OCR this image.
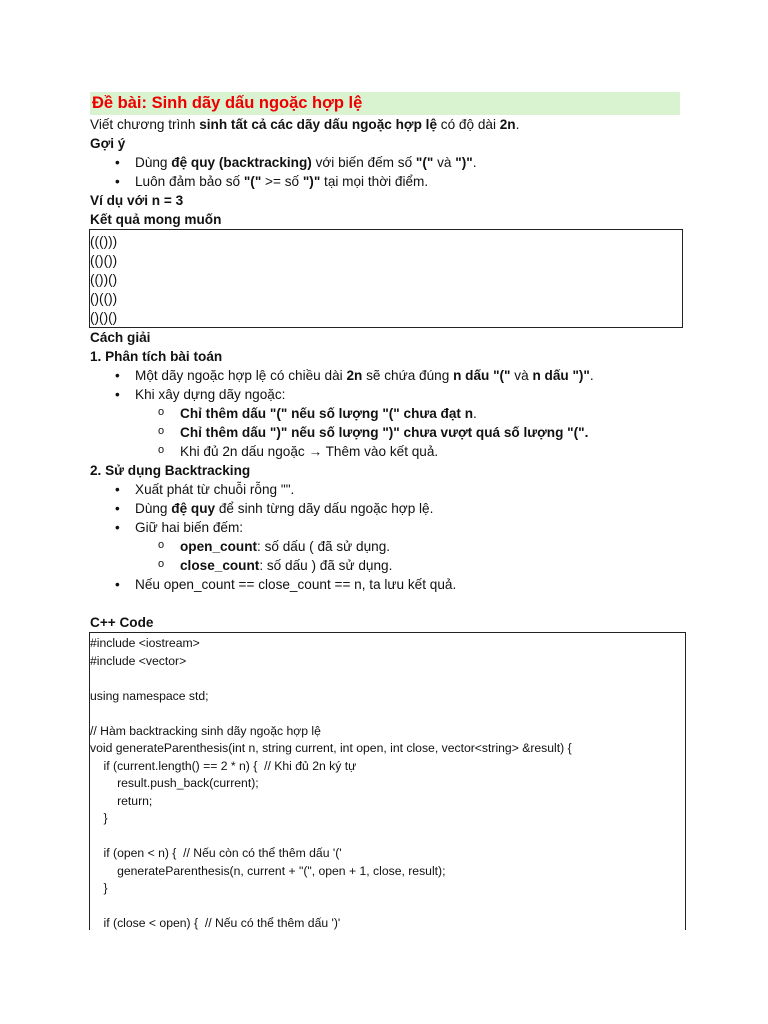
Đề bài: Sinh dãy dấu ngoặc hợp lệ

Viết chương trình sinh tất cả các dãy dấu ngoặc hợp lệ có độ dài 2n.

Gợi ý

• Dùng đệ quy (backtracking) với biến đếm số "(" và ")".
• Luôn đảm bảo số "(" >= số ")" tại mọi thời điểm.

Ví dụ với n = 3

Kết quả mong muốn

((()))
(()())
(())()
()(())
()()()

Cách giải

1. Phân tích bài toán

• Một dãy ngoặc hợp lệ có chiều dài 2n sẽ chứa đúng n dấu "(" và n dấu ")".
• Khi xây dựng dãy ngoặc:
o Chỉ thêm dấu "(" nếu số lượng "(" chưa đạt n.
o Chỉ thêm dấu ")" nếu số lượng ")" chưa vượt quá số lượng "(".
o Khi đủ 2n dấu ngoặc → Thêm vào kết quả.

2. Sử dụng Backtracking

• Xuất phát từ chuỗi rỗng "".
• Dùng đệ quy để sinh từng dãy dấu ngoặc hợp lệ.
• Giữ hai biến đếm:
o open_count: số dấu ( đã sử dụng.
o close_count: số dấu ) đã sử dụng.
• Nếu open_count == close_count == n, ta lưu kết quả.

C++ Code

#include <iostream>
#include <vector>
using namespace std;
// Hàm backtracking sinh dãy ngoặc hợp lệ
void generateParenthesis(int n, string current, int open, int close, vector<string> &result) {
if (current.length() == 2 * n) {  // Khi đủ 2n ký tự
result.push_back(current);
return;
}
if (open < n) {  // Nếu còn có thể thêm dấu '('
generateParenthesis(n, current + "(", open + 1, close, result);
}
if (close < open) {  // Nếu có thể thêm dấu ')'
